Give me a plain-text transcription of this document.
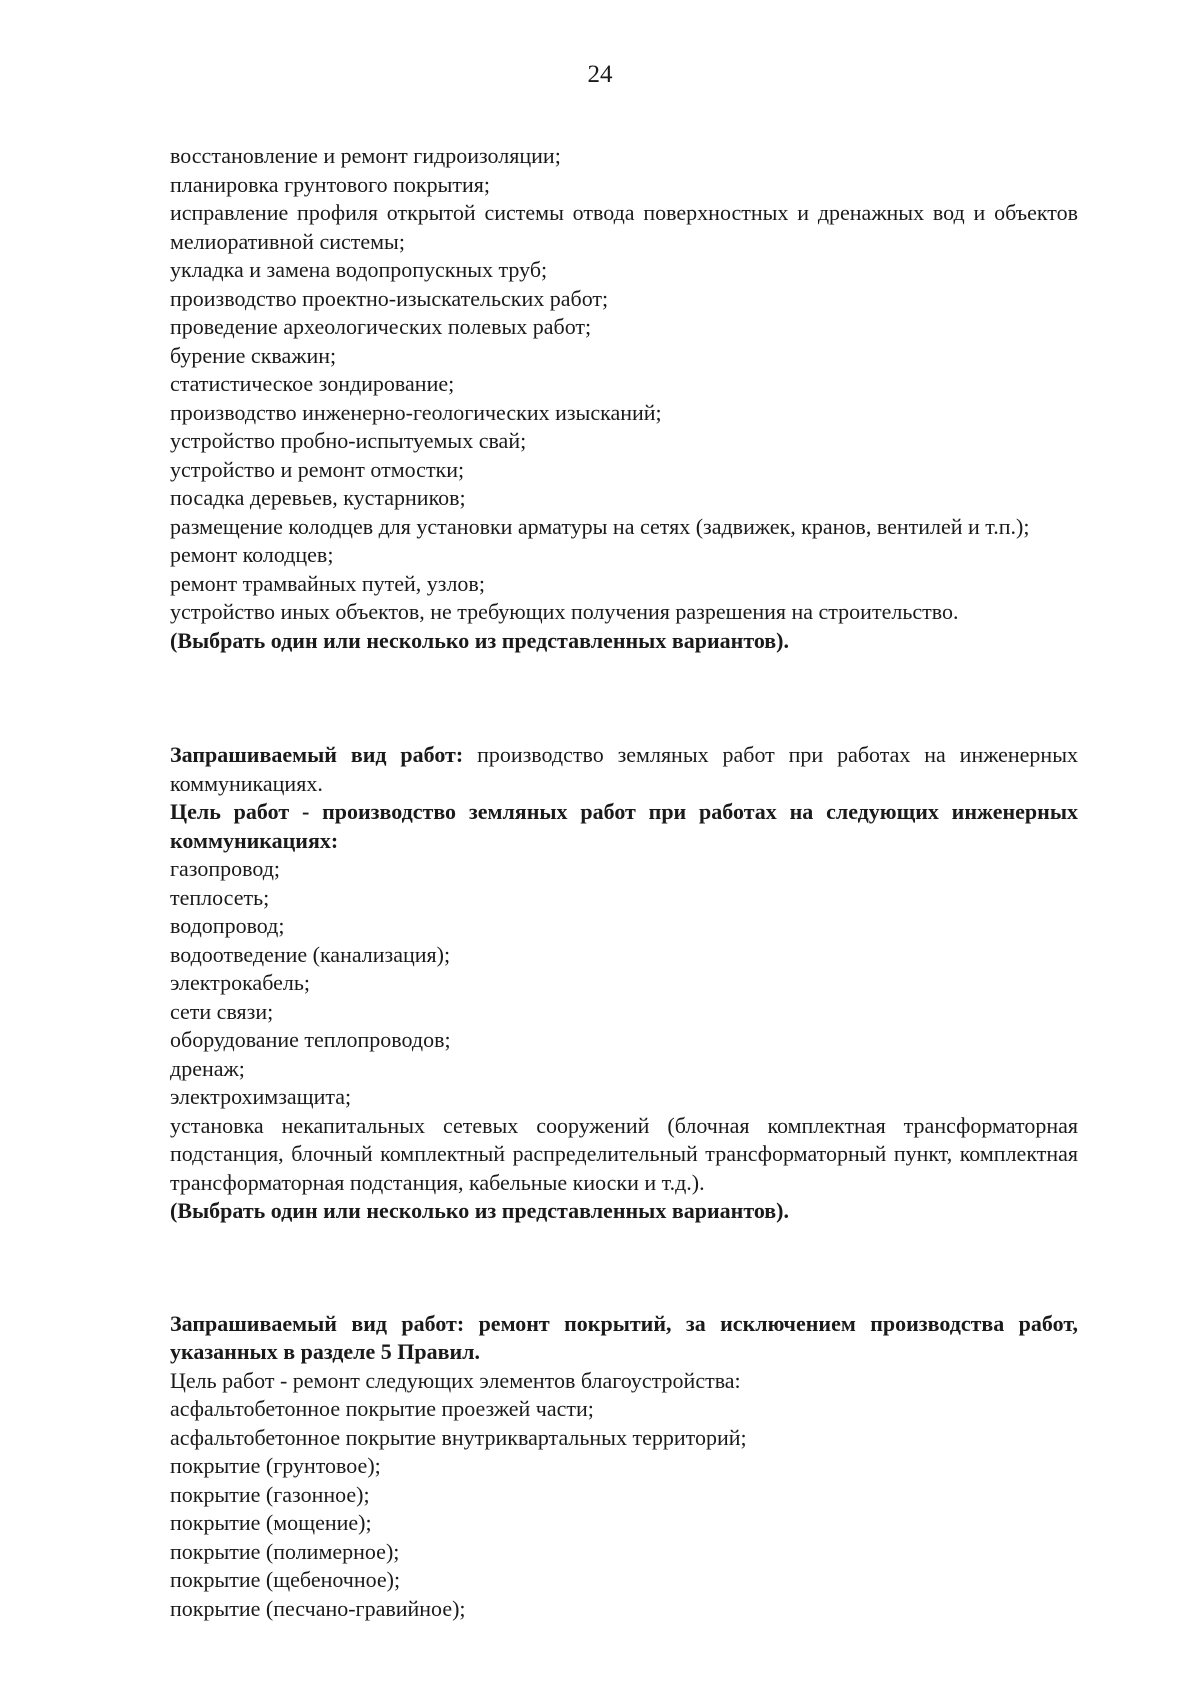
24
восстановление и ремонт гидроизоляции;
планировка грунтового покрытия;
исправление профиля открытой системы отвода поверхностных и дренажных вод и объектов мелиоративной системы;
укладка и замена водопропускных труб;
производство проектно-изыскательских работ;
проведение археологических полевых работ;
бурение скважин;
статистическое зондирование;
производство инженерно-геологических изысканий;
устройство пробно-испытуемых свай;
устройство и ремонт отмостки;
посадка деревьев, кустарников;
размещение колодцев для установки арматуры на сетях (задвижек, кранов, вентилей и т.п.);
ремонт колодцев;
ремонт трамвайных путей, узлов;
устройство иных объектов, не требующих получения разрешения на строительство.
(Выбрать один или несколько из представленных вариантов).
Запрашиваемый вид работ: производство земляных работ при работах на инженерных коммуникациях.
Цель работ - производство земляных работ при работах на следующих инженерных коммуникациях:
газопровод;
теплосеть;
водопровод;
водоотведение (канализация);
электрокабель;
сети связи;
оборудование теплопроводов;
дренаж;
электрохимзащита;
установка некапитальных сетевых сооружений (блочная комплектная трансформаторная подстанция, блочный комплектный распределительный трансформаторный пункт, комплектная трансформаторная подстанция, кабельные киоски и т.д.).
(Выбрать один или несколько из представленных вариантов).
Запрашиваемый вид работ: ремонт покрытий, за исключением производства работ, указанных в разделе 5 Правил.
Цель работ - ремонт следующих элементов благоустройства:
асфальтобетонное покрытие проезжей части;
асфальтобетонное покрытие внутриквартальных территорий;
покрытие (грунтовое);
покрытие (газонное);
покрытие (мощение);
покрытие (полимерное);
покрытие (щебеночное);
покрытие (песчано-гравийное);
